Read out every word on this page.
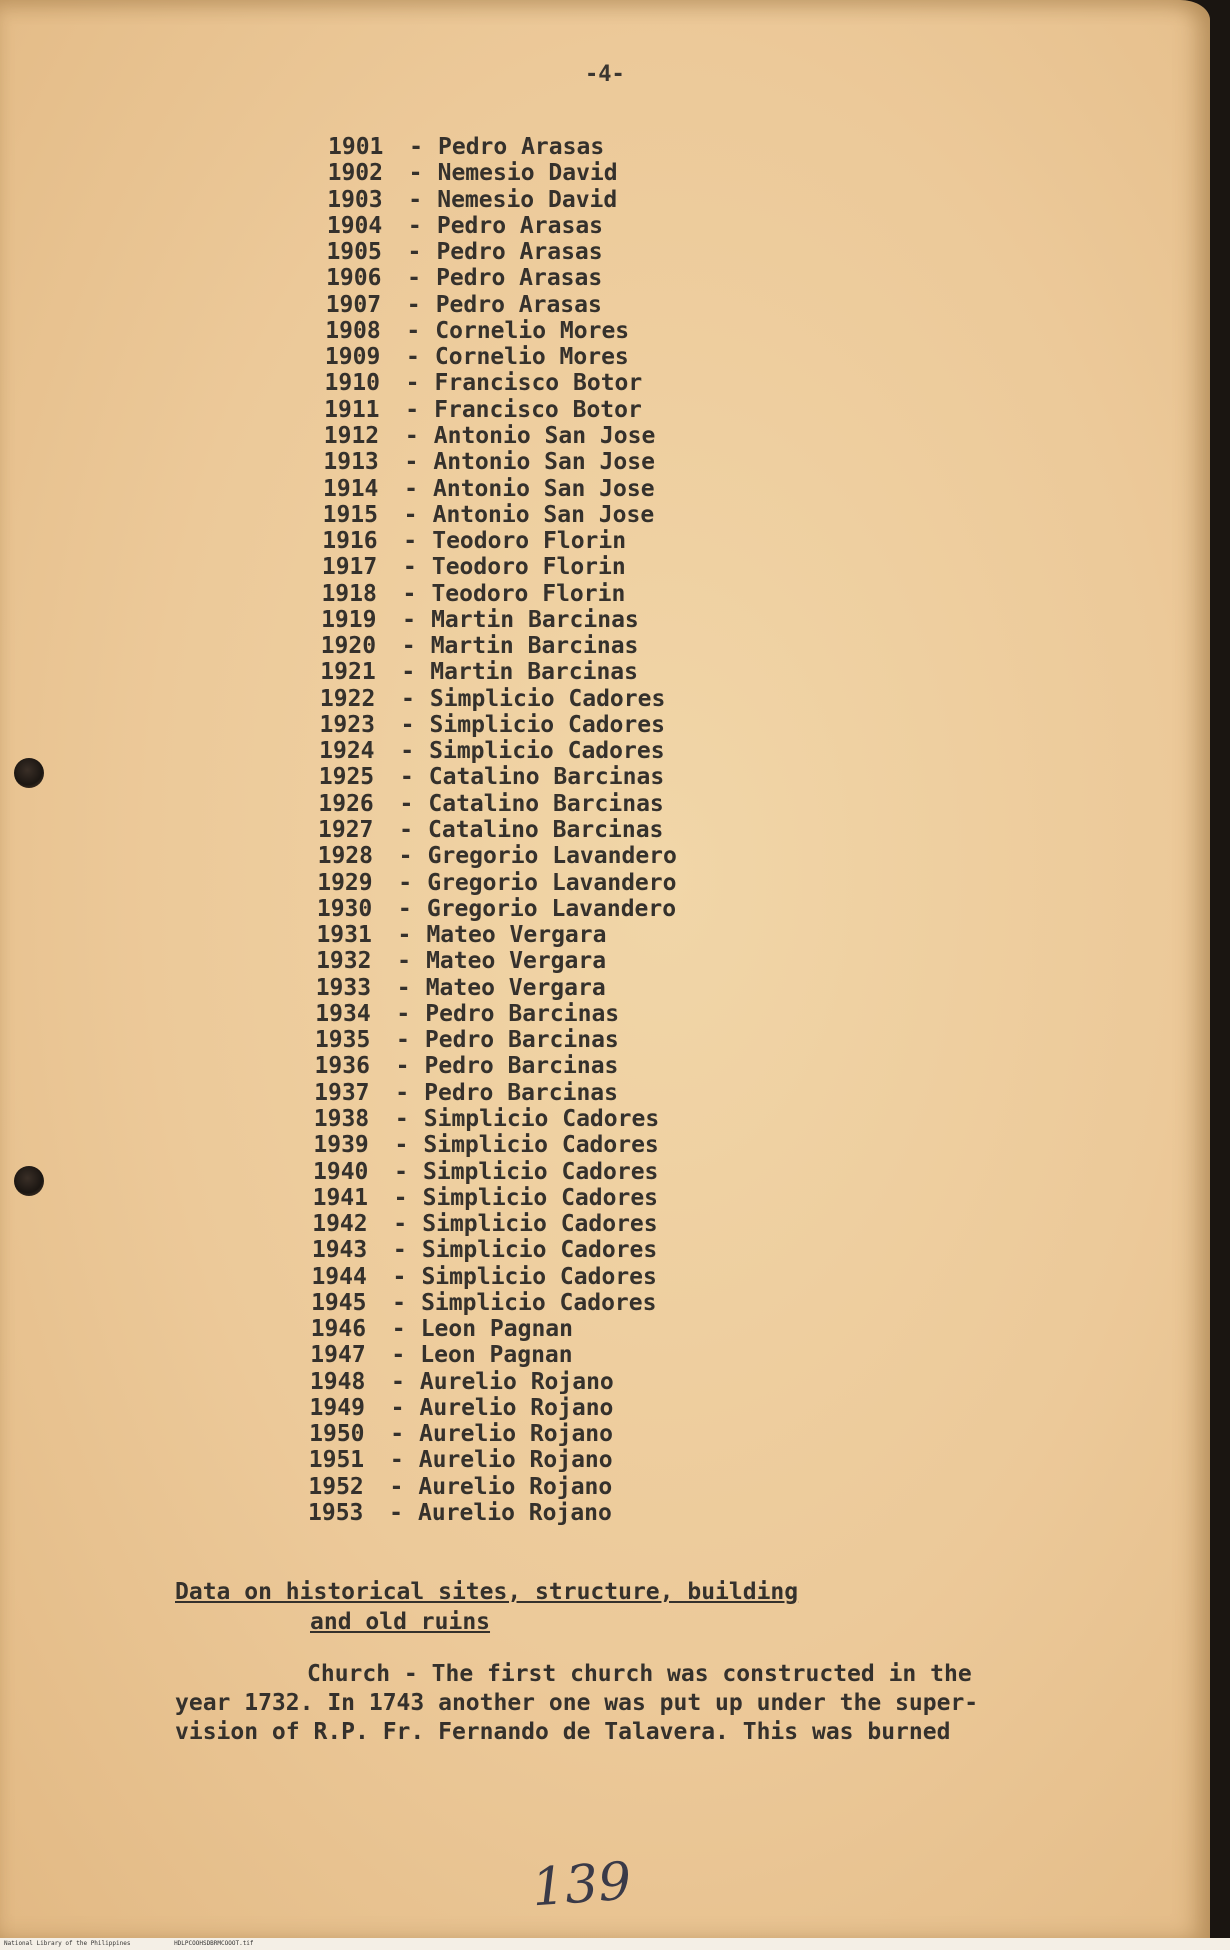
-4-
1901	- Pedro Arasas
1902	- Nemesio David
1903	- Nemesio David
1904	- Pedro Arasas
1905	- Pedro Arasas
1906	- Pedro Arasas
1907	- Pedro Arasas
1908	- Cornelio Mores
1909	- Cornelio Mores
1910	- Francisco Botor
1911	- Francisco Botor
1912	- Antonio San Jose
1913	- Antonio San Jose
1914	- Antonio San Jose
1915	- Antonio San Jose
1916	- Teodoro Florin
1917	- Teodoro Florin
1918	- Teodoro Florin
1919	- Martin Barcinas
1920	- Martin Barcinas
1921	- Martin Barcinas
1922	- Simplicio Cadores
1923	- Simplicio Cadores
1924	- Simplicio Cadores
1925	- Catalino Barcinas
1926	- Catalino Barcinas
1927	- Catalino Barcinas
1928	- Gregorio Lavandero
1929	- Gregorio Lavandero
1930	- Gregorio Lavandero
1931	- Mateo Vergara
1932	- Mateo Vergara
1933	- Mateo Vergara
1934	- Pedro Barcinas
1935	- Pedro Barcinas
1936	- Pedro Barcinas
1937	- Pedro Barcinas
1938	- Simplicio Cadores
1939	- Simplicio Cadores
1940	- Simplicio Cadores
1941	- Simplicio Cadores
1942	- Simplicio Cadores
1943	- Simplicio Cadores
1944	- Simplicio Cadores
1945	- Simplicio Cadores
1946	- Leon Pagnan
1947	- Leon Pagnan
1948	- Aurelio Rojano
1949	- Aurelio Rojano
1950	- Aurelio Rojano
1951	- Aurelio Rojano
1952	- Aurelio Rojano
1953	- Aurelio Rojano
Data on historical sites, structure, building
and old ruins
Church - The first church was constructed in the
year 1732. In 1743 another one was put up under the super-
vision of R.P. Fr. Fernando de Talavera. This was burned
139
National Library of the Philippines	HDLPCOOHSDBRMCOOOT.tif
